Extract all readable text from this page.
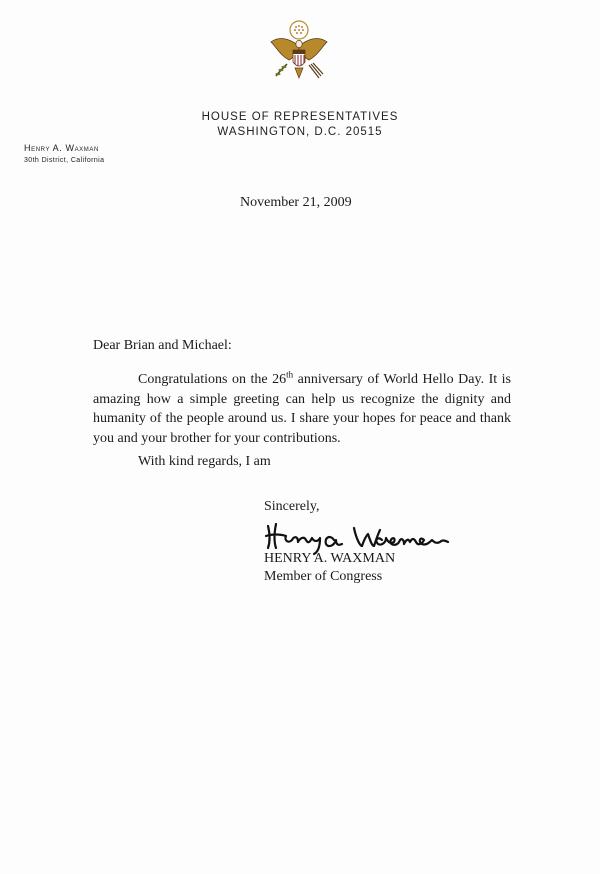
HOUSE OF REPRESENTATIVES
WASHINGTON, D.C. 20515
Henry A. Waxman
30th District, California
November 21, 2009
Dear Brian and Michael:
Congratulations on the 26th anniversary of World Hello Day. It is amazing how a simple greeting can help us recognize the dignity and humanity of the people around us. I share your hopes for peace and thank you and your brother for your contributions.
With kind regards, I am
Sincerely,
HENRY A. WAXMAN
Member of Congress
